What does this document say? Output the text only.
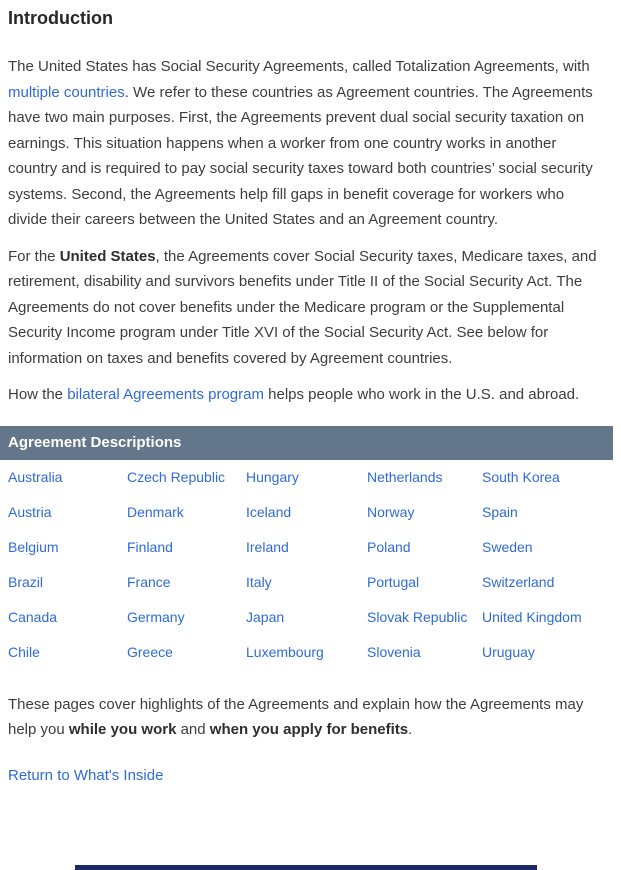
Introduction

The United States has Social Security Agreements, called Totalization Agreements, with multiple countries. We refer to these countries as Agreement countries. The Agreements have two main purposes. First, the Agreements prevent dual social security taxation on earnings. This situation happens when a worker from one country works in another country and is required to pay social security taxes toward both countries’ social security systems. Second, the Agreements help fill gaps in benefit coverage for workers who divide their careers between the United States and an Agreement country.

For the United States, the Agreements cover Social Security taxes, Medicare taxes, and retirement, disability and survivors benefits under Title II of the Social Security Act. The Agreements do not cover benefits under the Medicare program or the Supplemental Security Income program under Title XVI of the Social Security Act. See below for information on taxes and benefits covered by Agreement countries.

How the bilateral Agreements program helps people who work in the U.S. and abroad.

Agreement Descriptions				
Australia	Czech Republic	Hungary	Netherlands	South Korea
Austria	Denmark	Iceland	Norway	Spain
Belgium	Finland	Ireland	Poland	Sweden
Brazil	France	Italy	Portugal	Switzerland
Canada	Germany	Japan	Slovak Republic	United Kingdom
Chile	Greece	Luxembourg	Slovenia	Uruguay

These pages cover highlights of the Agreements and explain how the Agreements may help you while you work and when you apply for benefits.

Return to What's Inside
